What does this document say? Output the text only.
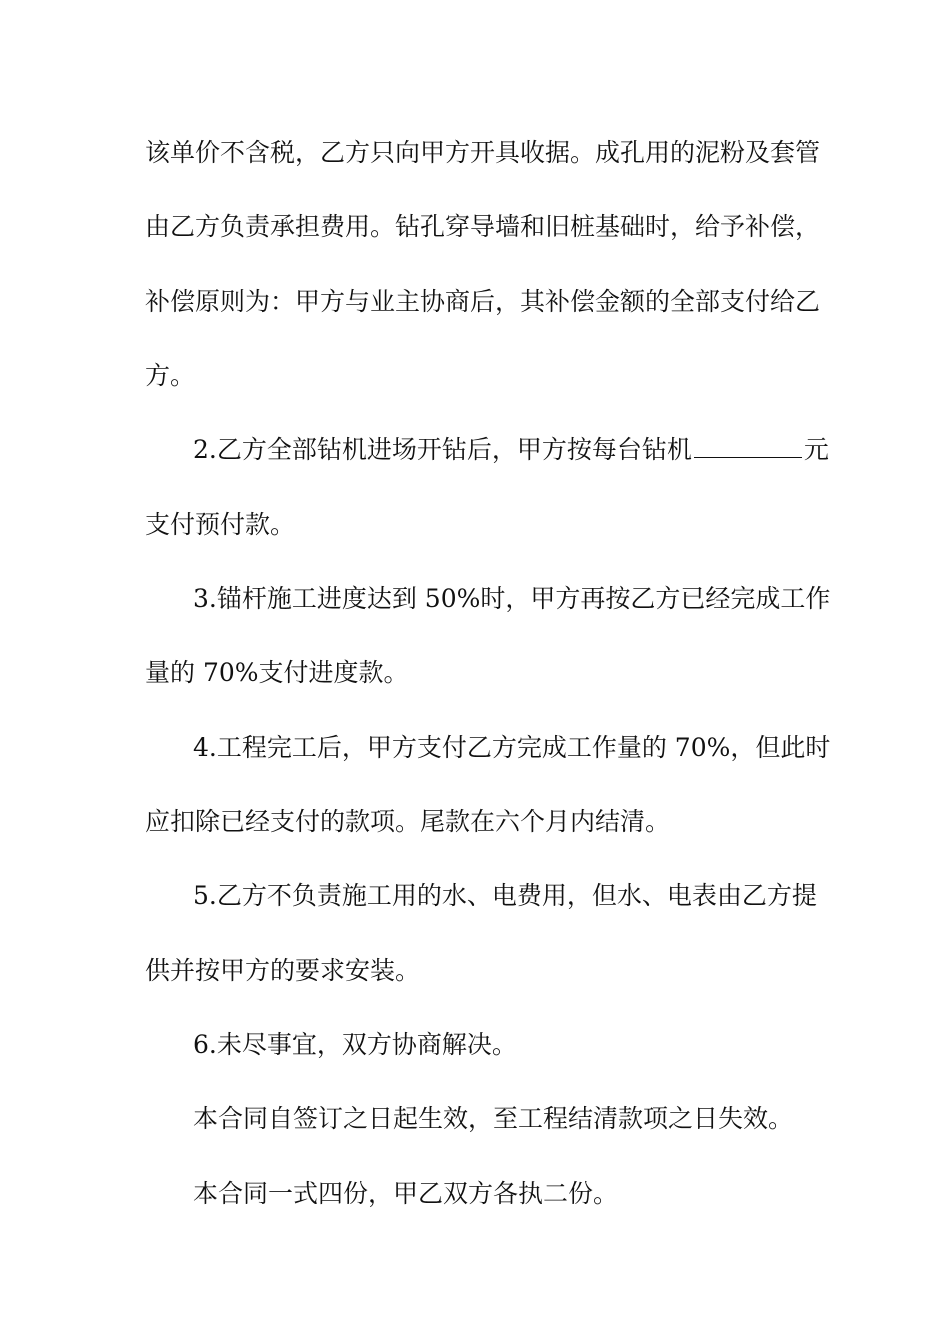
该单价不含税，乙方只向甲方开具收据。成孔用的泥粉及套管
由乙方负责承担费用。钻孔穿导墙和旧桩基础时，给予补偿，
补偿原则为：甲方与业主协商后，其补偿金额的全部支付给乙
方。
2.乙方全部钻机进场开钻后，甲方按每台钻机	元
支付预付款。
3.锚杆施工进度达到 50%时，甲方再按乙方已经完成工作
量的 70%支付进度款。
4.工程完工后，甲方支付乙方完成工作量的 70%，但此时
应扣除已经支付的款项。尾款在六个月内结清。
5.乙方不负责施工用的水、电费用，但水、电表由乙方提
供并按甲方的要求安装。
6.未尽事宜，双方协商解决。
本合同自签订之日起生效，至工程结清款项之日失效。
本合同一式四份，甲乙双方各执二份。
